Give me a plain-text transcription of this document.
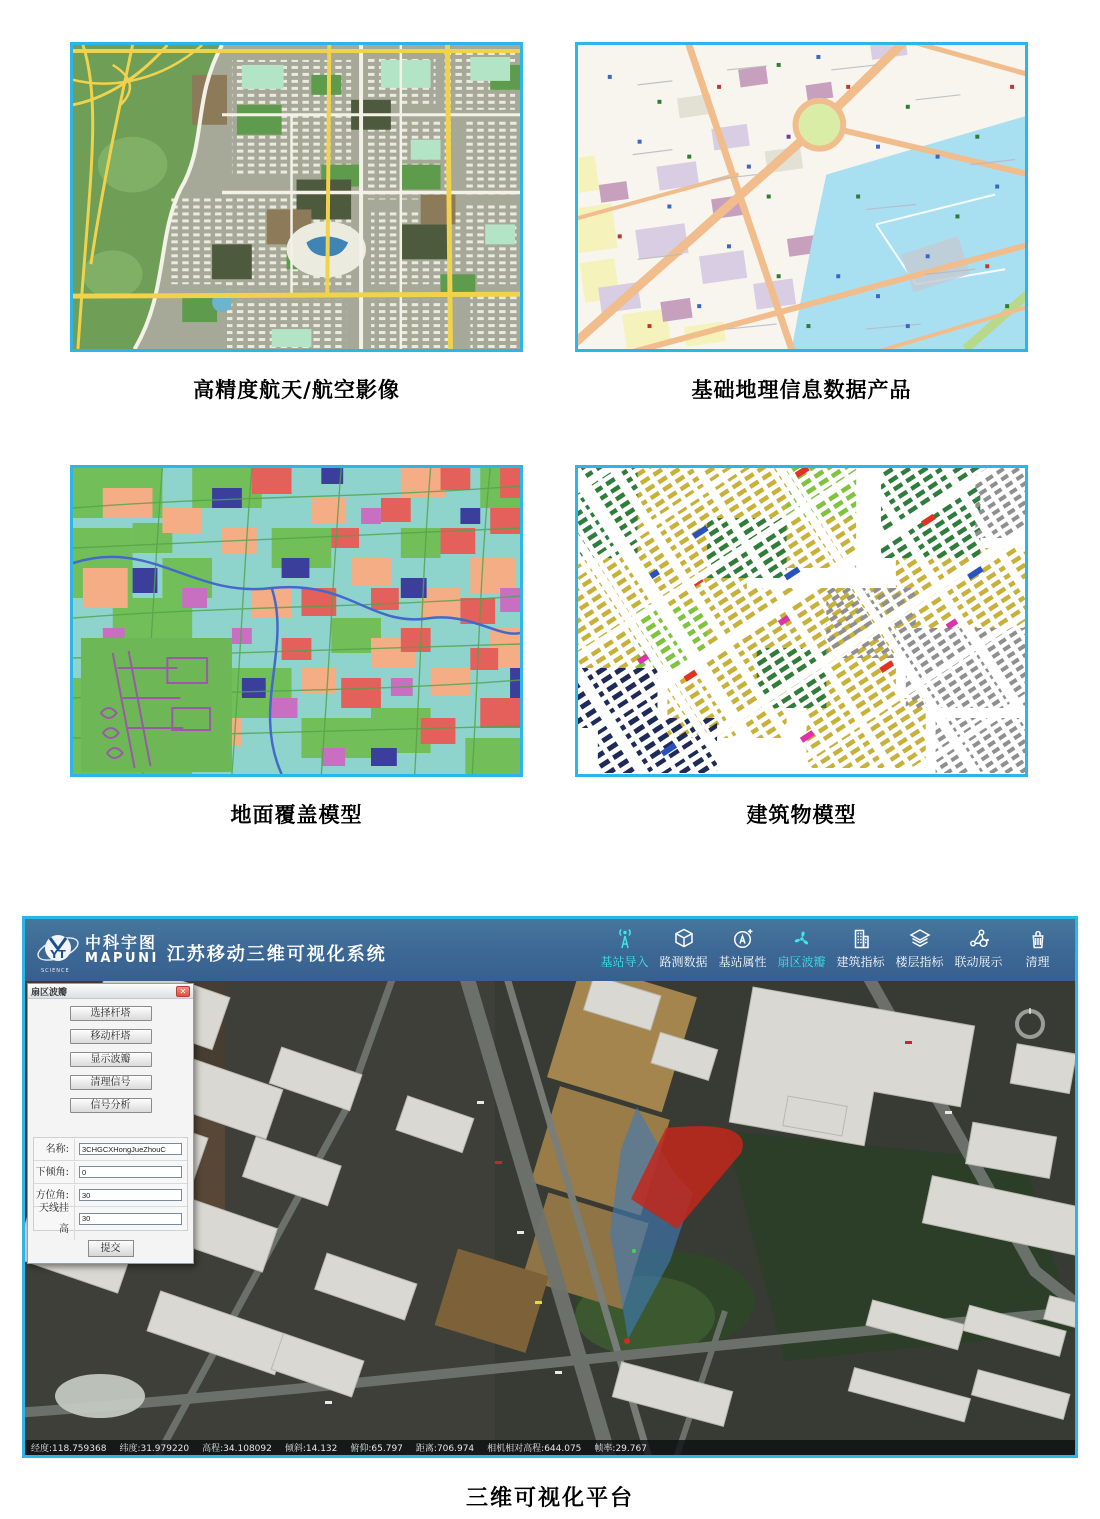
高精度航天/航空影像	基础地理信息数据产品
地面覆盖模型	建筑物模型
YT
SCIENCE
中科宇图
MAPUNI 江苏移动三维可视化系统	基站导入 路测数据 基站属性 扇区波瓣 建筑指标 楼层指标 联动展示 清理
扇区波瓣	✕
选择杆塔
移动杆塔
显示波瓣
清理信号
信号分析
名称:
3CHGCXHongJueZhouC
下倾角:
0
方位角:
30
天线挂高
30
提交
经度:118.759368 纬度:31.979220 高程:34.108092 倾斜:14.132 俯仰:65.797 距离:706.974 相机相对高程:644.075 帧率:29.767
三维可视化平台
